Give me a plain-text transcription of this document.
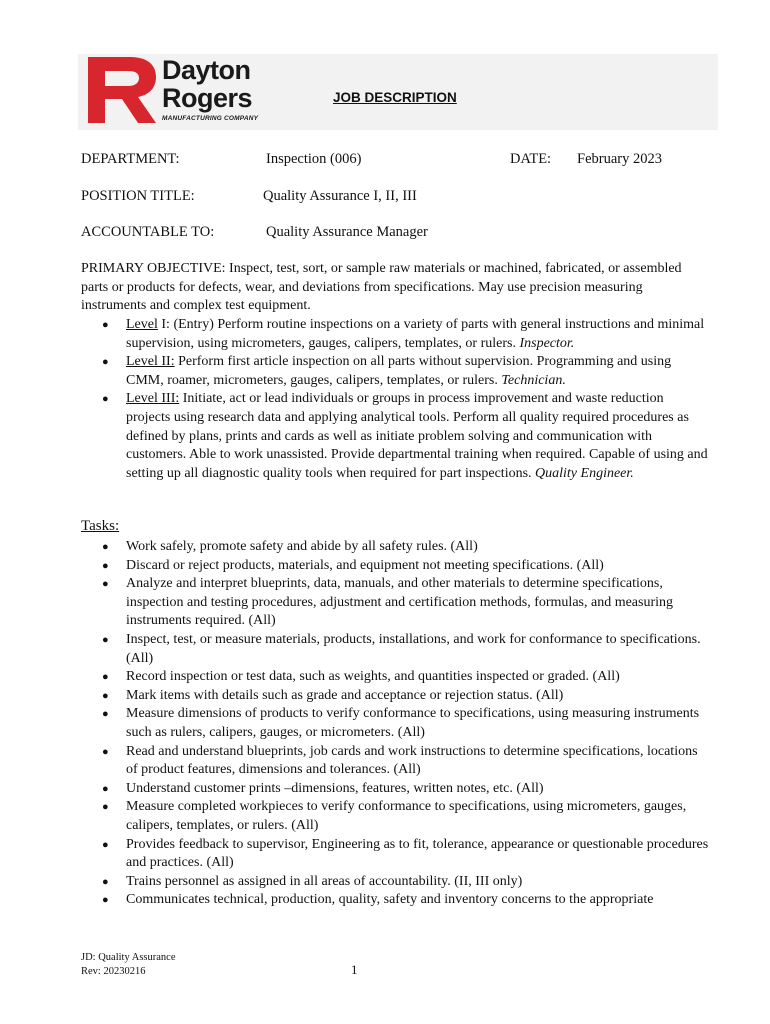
Dayton
Rogers
MANUFACTURING COMPANY
JOB DESCRIPTION
DEPARTMENT:	Inspection (006)	DATE: February 2023
POSITION TITLE:	Quality Assurance I, II, III
ACCOUNTABLE TO:	Quality Assurance Manager
PRIMARY OBJECTIVE: Inspect, test, sort, or sample raw materials or machined, fabricated, or assembled parts or products for defects, wear, and deviations from specifications. May use precision measuring instruments and complex test equipment.
● Level I: (Entry) Perform routine inspections on a variety of parts with general instructions and minimal supervision, using micrometers, gauges, calipers, templates, or rulers. Inspector.
● Level II: Perform first article inspection on all parts without supervision. Programming and using CMM, roamer, micrometers, gauges, calipers, templates, or rulers. Technician.
● Level III: Initiate, act or lead individuals or groups in process improvement and waste reduction projects using research data and applying analytical tools. Perform all quality required procedures as defined by plans, prints and cards as well as initiate problem solving and communication with customers. Able to work unassisted. Provide departmental training when required. Capable of using and setting up all diagnostic quality tools when required for part inspections. Quality Engineer.
Tasks:
● Work safely, promote safety and abide by all safety rules. (All)
● Discard or reject products, materials, and equipment not meeting specifications. (All)
● Analyze and interpret blueprints, data, manuals, and other materials to determine specifications, inspection and testing procedures, adjustment and certification methods, formulas, and measuring instruments required. (All)
● Inspect, test, or measure materials, products, installations, and work for conformance to specifications. (All)
● Record inspection or test data, such as weights, and quantities inspected or graded. (All)
● Mark items with details such as grade and acceptance or rejection status. (All)
● Measure dimensions of products to verify conformance to specifications, using measuring instruments such as rulers, calipers, gauges, or micrometers. (All)
● Read and understand blueprints, job cards and work instructions to determine specifications, locations of product features, dimensions and tolerances. (All)
● Understand customer prints –dimensions, features, written notes, etc. (All)
● Measure completed workpieces to verify conformance to specifications, using micrometers, gauges, calipers, templates, or rulers. (All)
● Provides feedback to supervisor, Engineering as to fit, tolerance, appearance or questionable procedures and practices. (All)
● Trains personnel as assigned in all areas of accountability. (II, III only)
● Communicates technical, production, quality, safety and inventory concerns to the appropriate
JD: Quality Assurance
Rev: 20230216	1
